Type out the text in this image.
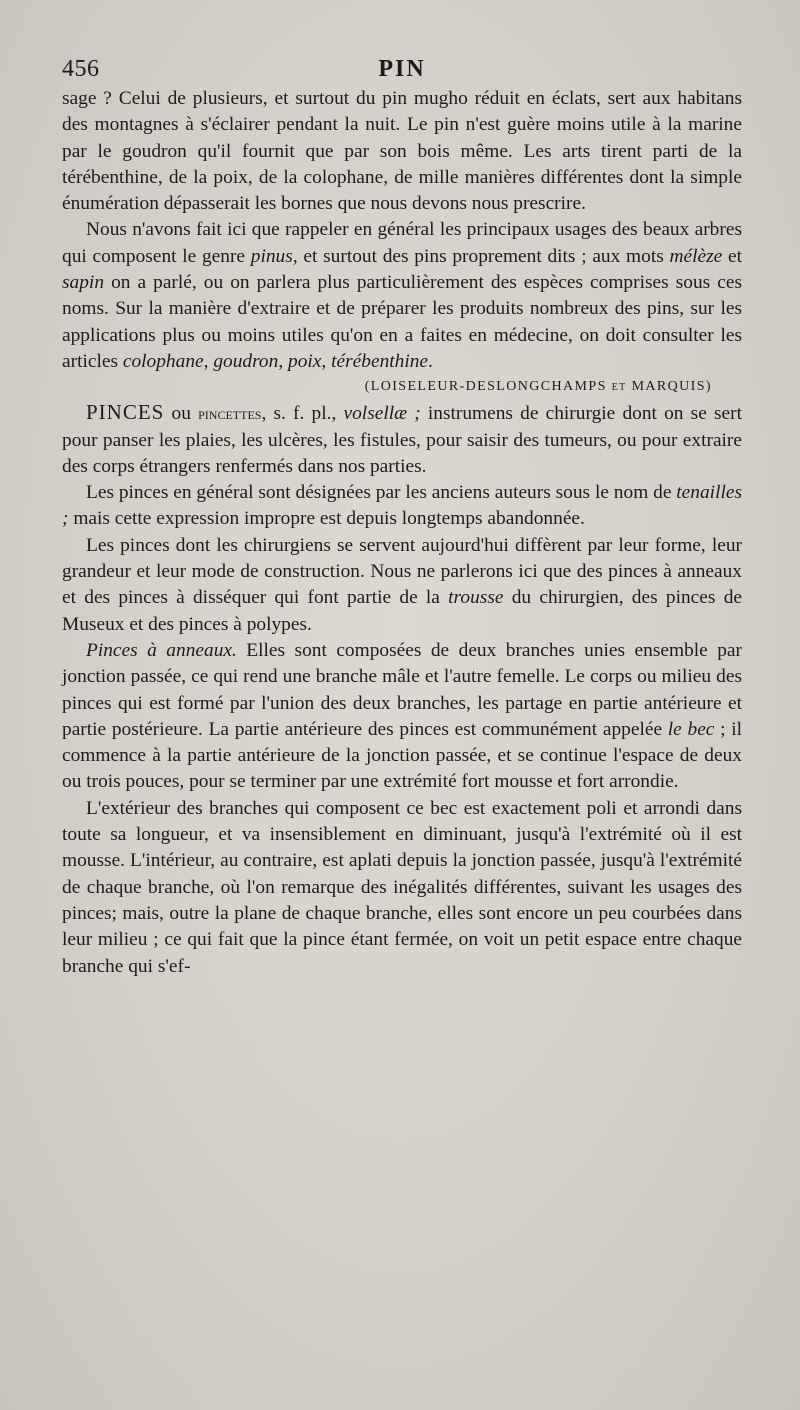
456	PIN

sage ? Celui de plusieurs, et surtout du pin mugho réduit en éclats, sert aux habitans des montagnes à s'éclairer pendant la nuit. Le pin n'est guère moins utile à la marine par le goudron qu'il fournit que par son bois même. Les arts tirent parti de la térébenthine, de la poix, de la colophane, de mille manières différentes dont la simple énumération dépasserait les bornes que nous devons nous prescrire.

Nous n'avons fait ici que rappeler en général les principaux usages des beaux arbres qui composent le genre pinus, et surtout des pins proprement dits ; aux mots mélèze et sapin on a parlé, ou on parlera plus particulièrement des espèces comprises sous ces noms. Sur la manière d'extraire et de préparer les produits nombreux des pins, sur les applications plus ou moins utiles qu'on en a faites en médecine, on doit consulter les articles colophane, goudron, poix, térébenthine.

(LOISELEUR-DESLONGCHAMPS et MARQUIS)

PINCES ou pincettes, s. f. pl., volsellæ ; instrumens de chirurgie dont on se sert pour panser les plaies, les ulcères, les fistules, pour saisir des tumeurs, ou pour extraire des corps étrangers renfermés dans nos parties.

Les pinces en général sont désignées par les anciens auteurs sous le nom de tenailles ; mais cette expression impropre est depuis longtemps abandonnée.

Les pinces dont les chirurgiens se servent aujourd'hui diffèrent par leur forme, leur grandeur et leur mode de construction. Nous ne parlerons ici que des pinces à anneaux et des pinces à disséquer qui font partie de la trousse du chirurgien, des pinces de Museux et des pinces à polypes.

Pinces à anneaux. Elles sont composées de deux branches unies ensemble par jonction passée, ce qui rend une branche mâle et l'autre femelle. Le corps ou milieu des pinces qui est formé par l'union des deux branches, les partage en partie antérieure et partie postérieure. La partie antérieure des pinces est communément appelée le bec ; il commence à la partie antérieure de la jonction passée, et se continue l'espace de deux ou trois pouces, pour se terminer par une extrémité fort mousse et fort arrondie.

L'extérieur des branches qui composent ce bec est exactement poli et arrondi dans toute sa longueur, et va insensiblement en diminuant, jusqu'à l'extrémité où il est mousse. L'intérieur, au contraire, est aplati depuis la jonction passée, jusqu'à l'extrémité de chaque branche, où l'on remarque des inégalités différentes, suivant les usages des pinces; mais, outre la plane de chaque branche, elles sont encore un peu courbées dans leur milieu ; ce qui fait que la pince étant fermée, on voit un petit espace entre chaque branche qui s'ef-
